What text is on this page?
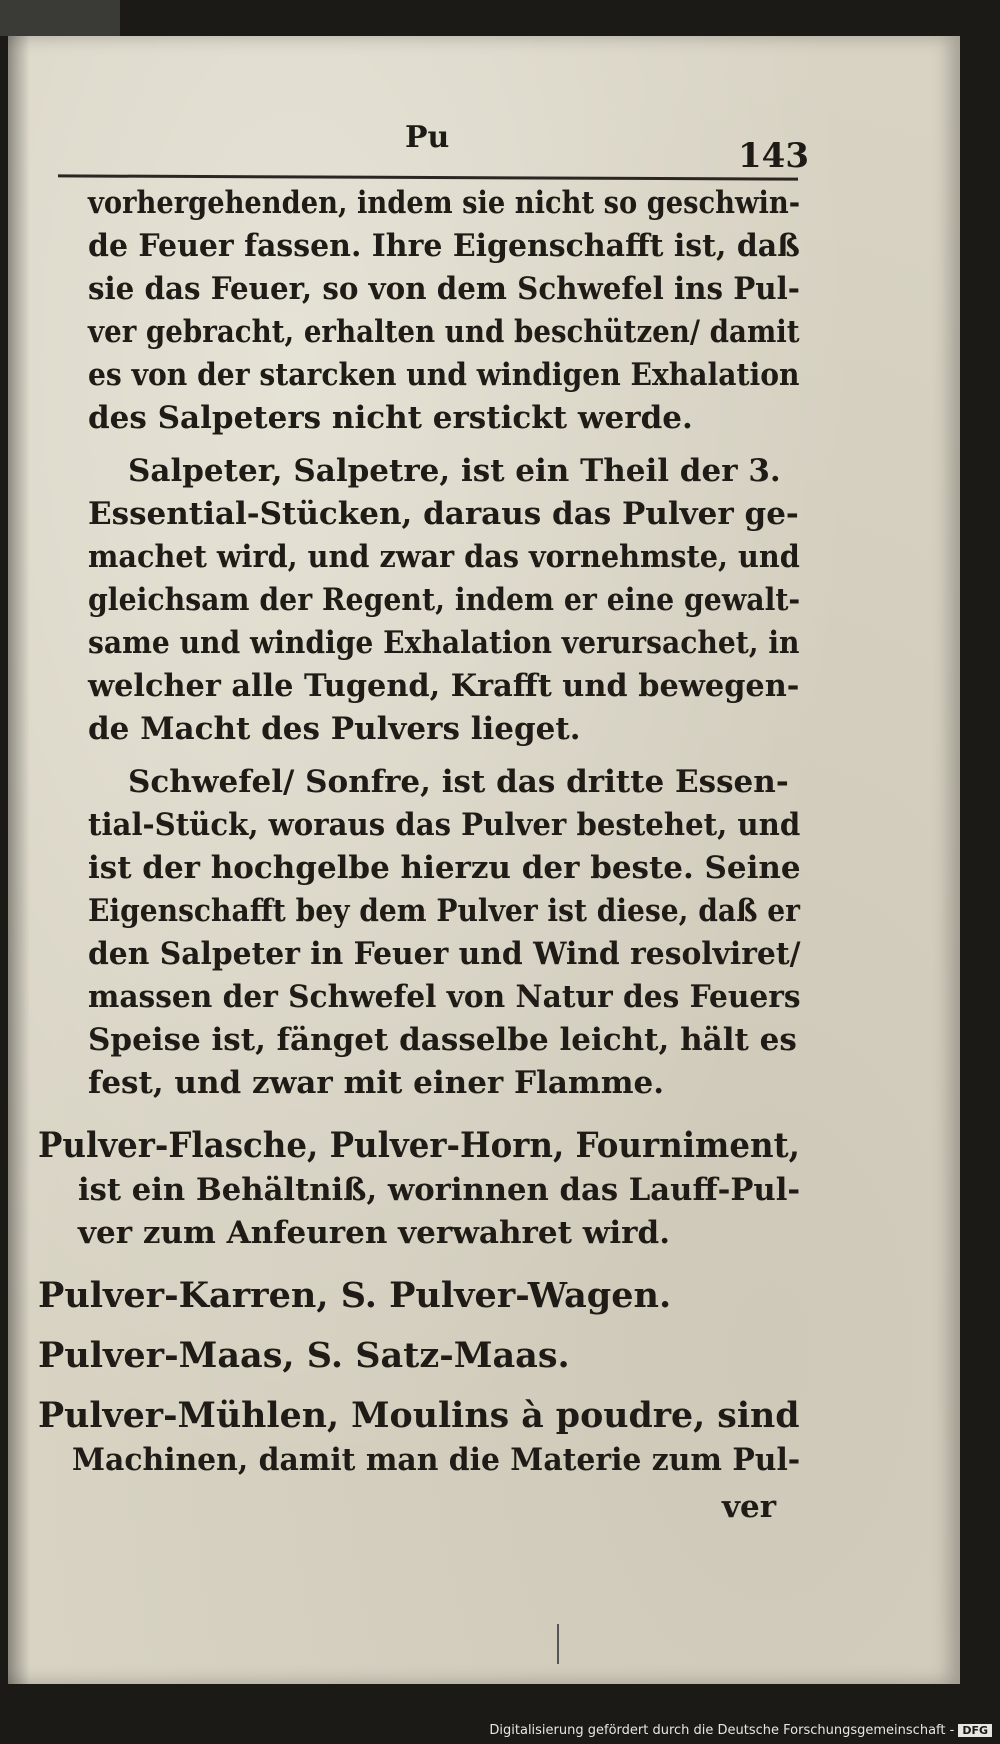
Pu	143
vorhergehenden, indem sie nicht so geschwin-
de Feuer fassen. Ihre Eigenschafft ist, daß
sie das Feuer, so von dem Schwefel ins Pul-
ver gebracht, erhalten und beschützen/ damit
es von der starcken und windigen Exhalation
des Salpeters nicht erstickt werde.
Salpeter, Salpetre, ist ein Theil der 3.
Essential-Stücken, daraus das Pulver ge-
machet wird, und zwar das vornehmste, und
gleichsam der Regent, indem er eine gewalt-
same und windige Exhalation verursachet, in
welcher alle Tugend, Krafft und bewegen-
de Macht des Pulvers lieget.
Schwefel/ Sonfre, ist das dritte Essen-
tial-Stück, woraus das Pulver bestehet, und
ist der hochgelbe hierzu der beste. Seine
Eigenschafft bey dem Pulver ist diese, daß er
den Salpeter in Feuer und Wind resolviret/
massen der Schwefel von Natur des Feuers
Speise ist, fänget dasselbe leicht, hält es
fest, und zwar mit einer Flamme.
Pulver-Flasche, Pulver-Horn, Fourniment,
ist ein Behältniß, worinnen das Lauff-Pul-
ver zum Anfeuren verwahret wird.
Pulver-Karren, S. Pulver-Wagen.
Pulver-Maas, S. Satz-Maas.
Pulver-Mühlen, Moulins à poudre, sind
Machinen, damit man die Materie zum Pul-
ver
Digitalisierung gefördert durch die Deutsche Forschungsgemeinschaft - DFG
